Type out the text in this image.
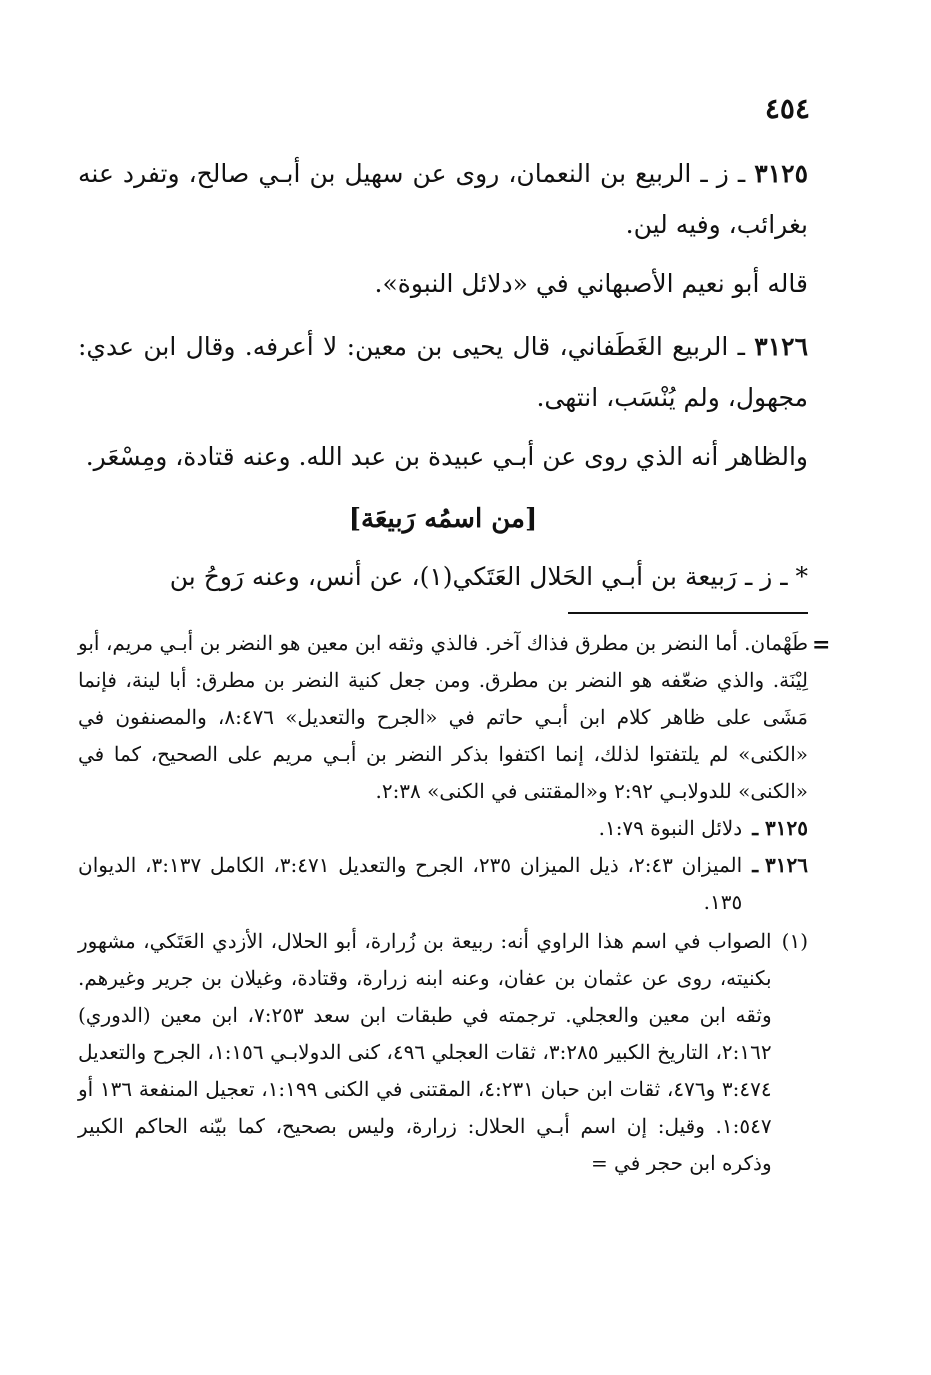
٤٥٤

٣١٢٥ ـ ز ـ الربيع بن النعمان، روى عن سهيل بن أبـي صالح، وتفرد عنه بغرائب، وفيه لين.

قاله أبو نعيم الأصبهاني في «دلائل النبوة».

٣١٢٦ ـ الربيع الغَطَفاني، قال يحيى بن معين: لا أعرفه. وقال ابن عدي: مجهول، ولم يُنْسَب، انتهى.

والظاهر أنه الذي روى عن أبـي عبيدة بن عبد الله. وعنه قتادة، ومِسْعَر.

[من اسمُه رَبيعَة]

* ـ ز ـ رَبيعة بن أبـي الحَلال العَتَكي(١)، عن أنس، وعنه رَوحُ بن

=

طَهْمان. أما النضر بن مطرق فذاك آخر. فالذي وثقه ابن معين هو النضر بن أبـي مريم، أبو لِيْنَة. والذي ضعّفه هو النضر بن مطرق. ومن جعل كنية النضر بن مطرق: أبا لينة، فإنما مَشَى على ظاهر كلام ابن أبـي حاتم في «الجرح والتعديل» ٨:٤٧٦، والمصنفون في «الكنى» لم يلتفتوا لذلك، إنما اكتفوا بذكر النضر بن أبـي مريم على الصحيح، كما في «الكنى» للدولابـي ٢:٩٢ و«المقتنى في الكنى» ٢:٣٨.

٣١٢٥ ـ
دلائل النبوة ١:٧٩.
٣١٢٦ ـ
الميزان ٢:٤٣، ذيل الميزان ٢٣٥، الجرح والتعديل ٣:٤٧١، الكامل ٣:١٣٧، الديوان ١٣٥.
(١)
الصواب في اسم هذا الراوي أنه: ربيعة بن زُرارة، أبو الحلال، الأزدي العَتَكي، مشهور بكنيته، روى عن عثمان بن عفان، وعنه ابنه زرارة، وقتادة، وغيلان بن جرير وغيرهم. وثقه ابن معين والعجلي. ترجمته في طبقات ابن سعد ٧:٢٥٣، ابن معين (الدوري) ٢:١٦٢، التاريخ الكبير ٣:٢٨٥، ثقات العجلي ٤٩٦، كنى الدولابـي ١:١٥٦، الجرح والتعديل ٣:٤٧٤ و٤٧٦، ثقات ابن حبان ٤:٢٣١، المقتنى في الكنى ١:١٩٩، تعجيل المنفعة ١٣٦ أو ١:٥٤٧. وقيل: إن اسم أبـي الحلال: زرارة، وليس بصحيح، كما بيّنه الحاكم الكبير وذكره ابن حجر في =
